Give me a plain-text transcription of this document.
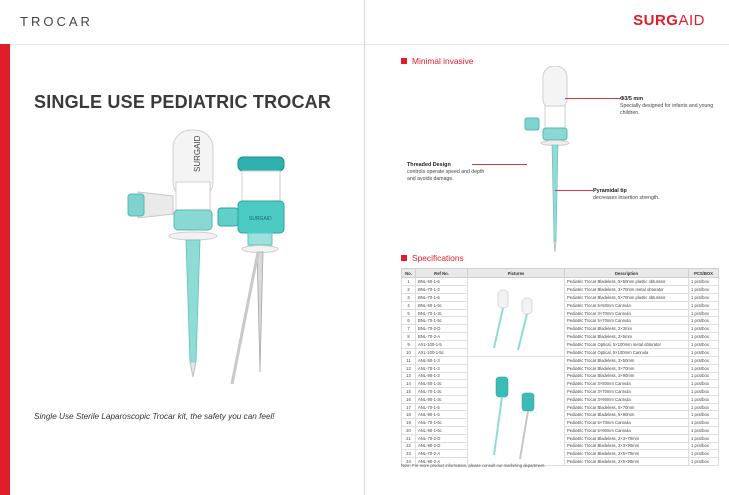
TROCAR
SINGLE USE PEDIATRIC TROCAR
SURGAID
SURGAID
Single Use Sterile Laparoscopic Trocar kit, the safety you can feel!
SURGAID
Minimal invasive
Φ3/5 mm
Specially designed for infants and young children.
Threaded Design
controls operate speed and depth and avoids damage.
Pyramidal tip
decreases insertion strength.
Specifications
No.	Ref No.	Pictures	Description	PCS/BOX
1	BNL-50-1-5		Pediatric Trocar Bladeless, 5×50mm plastic obturator	1 pcs/box
2	BNL-70-1-3		Pediatric Trocar Bladeless, 3×70mm metal obturator	1 pcs/box
3	BNL-70-1-5		Pediatric Trocar Bladeless, 5×70mm plastic obturator	1 pcs/box
4	BNL-50-1-5c		Pediatric Trocar 5×50mm Cannula	1 pcs/box
5	BNL-70-1-3c		Pediatric Trocar 3×70mm Cannula	1 pcs/box
6	BNL-70-1-5c		Pediatric Trocar 5×70mm Cannula	1 pcs/box
7	BNL-70-2-D		Pediatric Trocar Bladeless, 2×3mm	1 pcs/box
8	BNL-70-2-A		Pediatric Trocar Bladeless, 2×5mm	1 pcs/box
9	AXL-100-1-5		Pediatric Trocar Optical, 5×100mm metal obturator	1 pcs/box
10	AXL-100-1-5c		Pediatric Trocar Optical, 5×100mm Cannula	1 pcs/box
11	ANL-50-1-3		Pediatric Trocar Bladeless, 3×50mm	1 pcs/box
12	ANL-70-1-3		Pediatric Trocar Bladeless, 3×70mm	1 pcs/box
13	ANL-90-1-3		Pediatric Trocar Bladeless, 3×90mm	1 pcs/box
14	ANL-50-1-3c		Pediatric Trocar 3×50mm Cannula	1 pcs/box
15	ANL-70-1-3c		Pediatric Trocar 3×70mm Cannula	1 pcs/box
16	ANL-90-1-3c		Pediatric Trocar 3×90mm Cannula	1 pcs/box
17	ANL-70-1-5		Pediatric Trocar Bladeless, 5×70mm	1 pcs/box
18	ANL-90-1-5		Pediatric Trocar Bladeless, 5×90mm	1 pcs/box
19	ANL-70-1-5c		Pediatric Trocar 5×70mm Cannula	1 pcs/box
20	ANL-90-1-5c		Pediatric Trocar 5×90mm Cannula	1 pcs/box
21	ANL-70-2-D		Pediatric Trocar Bladeless, 2×3×70mm	1 pcs/box
22	ANL-90-2-D		Pediatric Trocar Bladeless, 2×3×90mm	1 pcs/box
23	ANL-70-2-A		Pediatric Trocar Bladeless, 2×5×70mm	1 pcs/box
24	ANL-90-2-A		Pediatric Trocar Bladeless, 2×5×90mm	1 pcs/box
Note: For more product information, please consult our marketing department.
